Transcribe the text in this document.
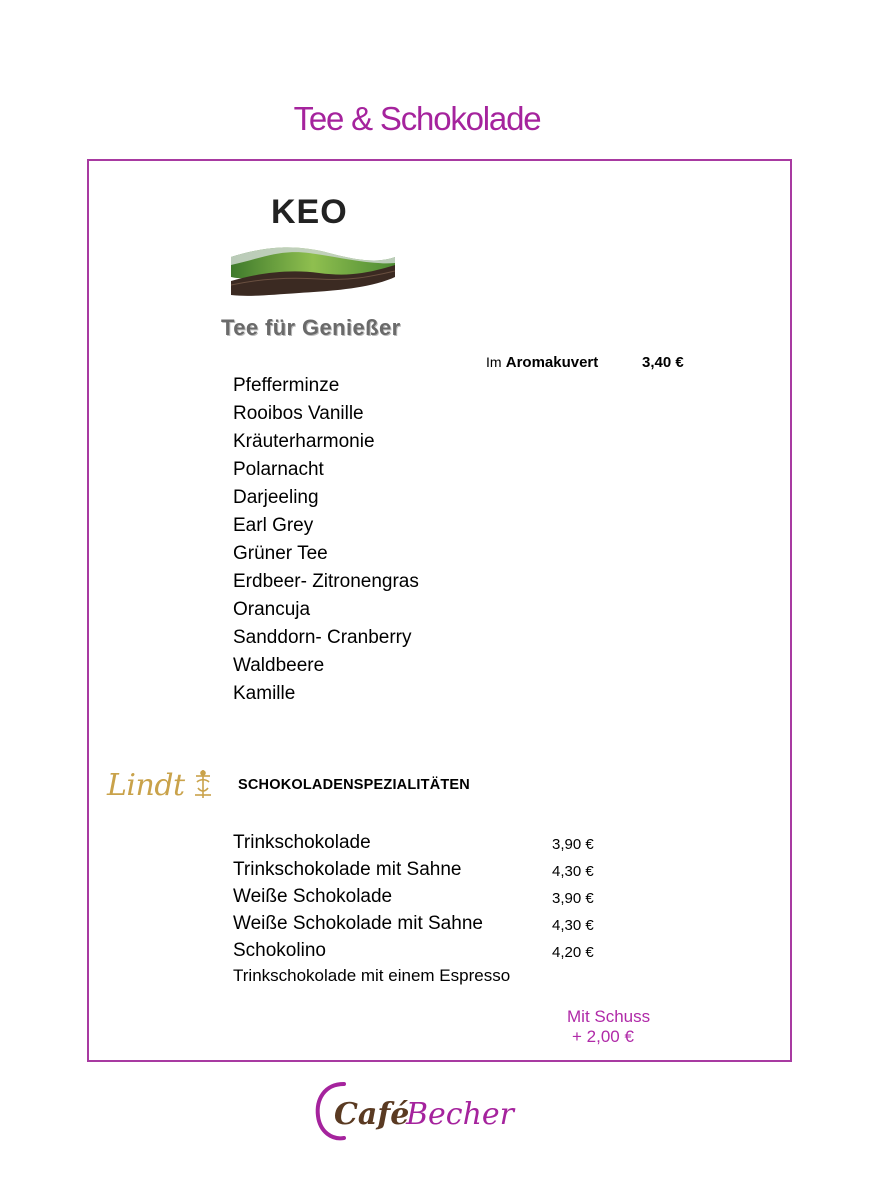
Tee & Schokolade
KEO
Tee für Genießer
Im Aromakuvert	3,40 €
Pfefferminze
Rooibos Vanille
Kräuterharmonie
Polarnacht
Darjeeling
Earl Grey
Grüner Tee
Erdbeer- Zitronengras
Orancuja
Sanddorn- Cranberry
Waldbeere
Kamille
Lindt	SCHOKOLADENSPEZIALITÄTEN
Trinkschokolade	3,90 €
Trinkschokolade mit Sahne	4,30 €
Weiße Schokolade	3,90 €
Weiße Schokolade mit Sahne	4,30 €
Schokolino	4,20 €
Trinkschokolade mit einem Espresso
Mit Schuss
+ 2,00 €
Café
Becher
